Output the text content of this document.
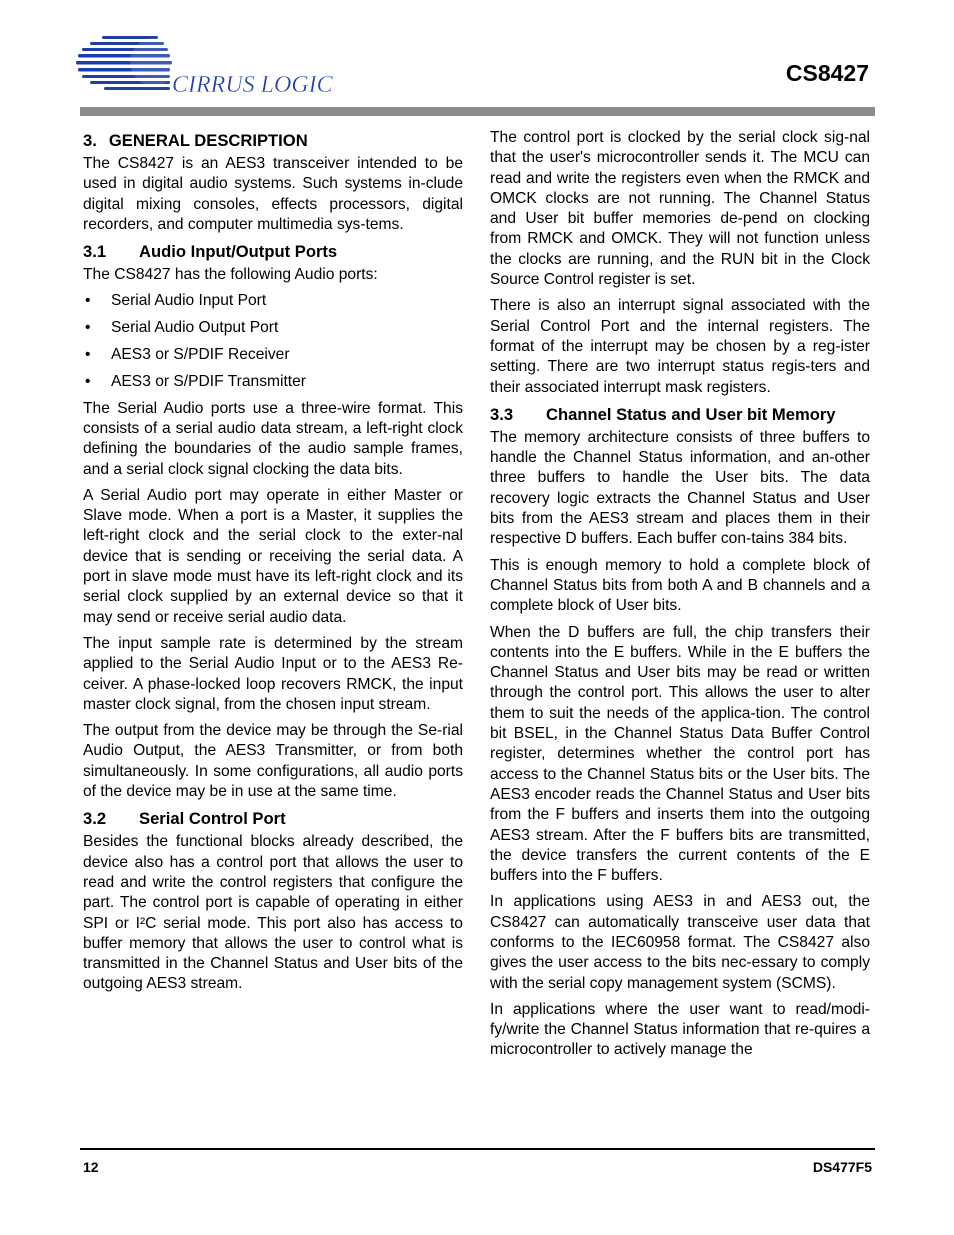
CIRRUS LOGIC	CS8427
3. GENERAL DESCRIPTION

The CS8427 is an AES3 transceiver intended to be used in digital audio systems. Such systems in-clude digital mixing consoles, effects processors, digital recorders, and computer multimedia sys-tems.

3.1 Audio Input/Output Ports

The CS8427 has the following Audio ports:

• Serial Audio Input Port
• Serial Audio Output Port
• AES3 or S/PDIF Receiver
• AES3 or S/PDIF Transmitter

The Serial Audio ports use a three-wire format. This consists of a serial audio data stream, a left-right clock defining the boundaries of the audio sample frames, and a serial clock signal clocking the data bits.

A Serial Audio port may operate in either Master or Slave mode. When a port is a Master, it supplies the left-right clock and the serial clock to the exter-nal device that is sending or receiving the serial data. A port in slave mode must have its left-right clock and its serial clock supplied by an external device so that it may send or receive serial audio data.

The input sample rate is determined by the stream applied to the Serial Audio Input or to the AES3 Re-ceiver. A phase-locked loop recovers RMCK, the input master clock signal, from the chosen input stream.

The output from the device may be through the Se-rial Audio Output, the AES3 Transmitter, or from both simultaneously. In some configurations, all audio ports of the device may be in use at the same time.

3.2 Serial Control Port

Besides the functional blocks already described, the device also has a control port that allows the user to read and write the control registers that configure the part. The control port is capable of operating in either SPI or I²C serial mode. This port also has access to buffer memory that allows the user to control what is transmitted in the Channel Status and User bits of the outgoing AES3 stream.

The control port is clocked by the serial clock sig-nal that the user's microcontroller sends it. The MCU can read and write the registers even when the RMCK and OMCK clocks are not running. The Channel Status and User bit buffer memories de-pend on clocking from RMCK and OMCK. They will not function unless the clocks are running, and the RUN bit in the Clock Source Control register is set.

There is also an interrupt signal associated with the Serial Control Port and the internal registers. The format of the interrupt may be chosen by a reg-ister setting. There are two interrupt status regis-ters and their associated interrupt mask registers.

3.3 Channel Status and User bit Memory

The memory architecture consists of three buffers to handle the Channel Status information, and an-other three buffers to handle the User bits. The data recovery logic extracts the Channel Status and User bits from the AES3 stream and places them in their respective D buffers. Each buffer con-tains 384 bits.

This is enough memory to hold a complete block of Channel Status bits from both A and B channels and a complete block of User bits.

When the D buffers are full, the chip transfers their contents into the E buffers. While in the E buffers the Channel Status and User bits may be read or written through the control port. This allows the user to alter them to suit the needs of the applica-tion. The control bit BSEL, in the Channel Status Data Buffer Control register, determines whether the control port has access to the Channel Status bits or the User bits. The AES3 encoder reads the Channel Status and User bits from the F buffers and inserts them into the outgoing AES3 stream. After the F buffers bits are transmitted, the device transfers the current contents of the E buffers into the F buffers.

In applications using AES3 in and AES3 out, the CS8427 can automatically transceive user data that conforms to the IEC60958 format. The CS8427 also gives the user access to the bits nec-essary to comply with the serial copy management system (SCMS).

In applications where the user want to read/modi-fy/write the Channel Status information that re-quires a microcontroller to actively manage the

12	DS477F5
